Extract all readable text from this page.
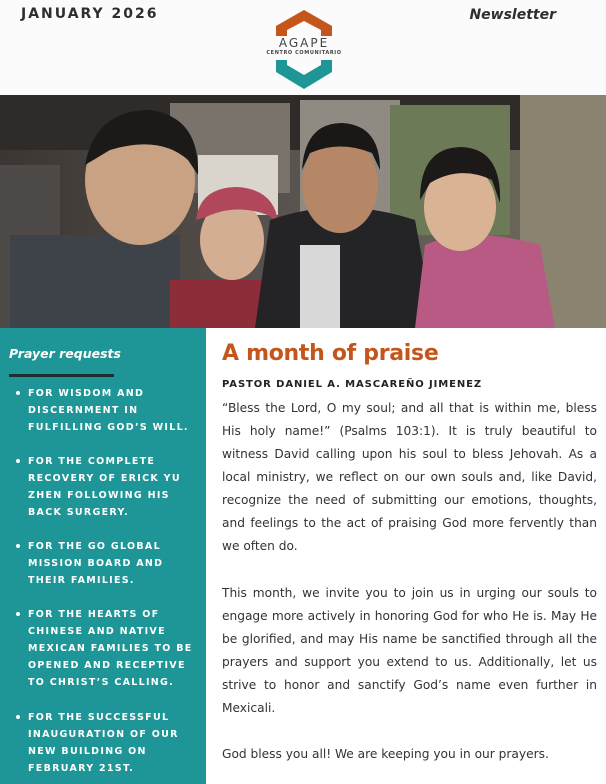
JANUARY 2026	Newsletter
AGAPE
CENTRO COMUNITARIO
Prayer requests
FOR WISDOM AND DISCERNMENT IN FULFILLING GOD’S WILL.
FOR THE COMPLETE RECOVERY OF ERICK YU ZHEN FOLLOWING HIS BACK SURGERY.
FOR THE GO GLOBAL MISSION BOARD AND THEIR FAMILIES.
FOR THE HEARTS OF CHINESE AND NATIVE MEXICAN FAMILIES TO BE OPENED AND RECEPTIVE TO CHRIST’S CALLING.
FOR THE SUCCESSFUL INAUGURATION OF OUR NEW BUILDING ON FEBRUARY 21ST.
A month of praise
PASTOR DANIEL A. MASCAREÑO JIMENEZ

“Bless the Lord, O my soul; and all that is within me, bless His holy name!” (Psalms 103:1). It is truly beautiful to witness David calling upon his soul to bless Jehovah. As a local ministry, we reflect on our own souls and, like David, recognize the need of submitting our emotions, thoughts, and feelings to the act of praising God more fervently than we often do.

This month, we invite you to join us in urging our souls to engage more actively in honoring God for who He is. May He be glorified, and may His name be sanctified through all the prayers and support you extend to us. Additionally, let us strive to honor and sanctify God’s name even further in Mexicali.

God bless you all! We are keeping you in our prayers.
